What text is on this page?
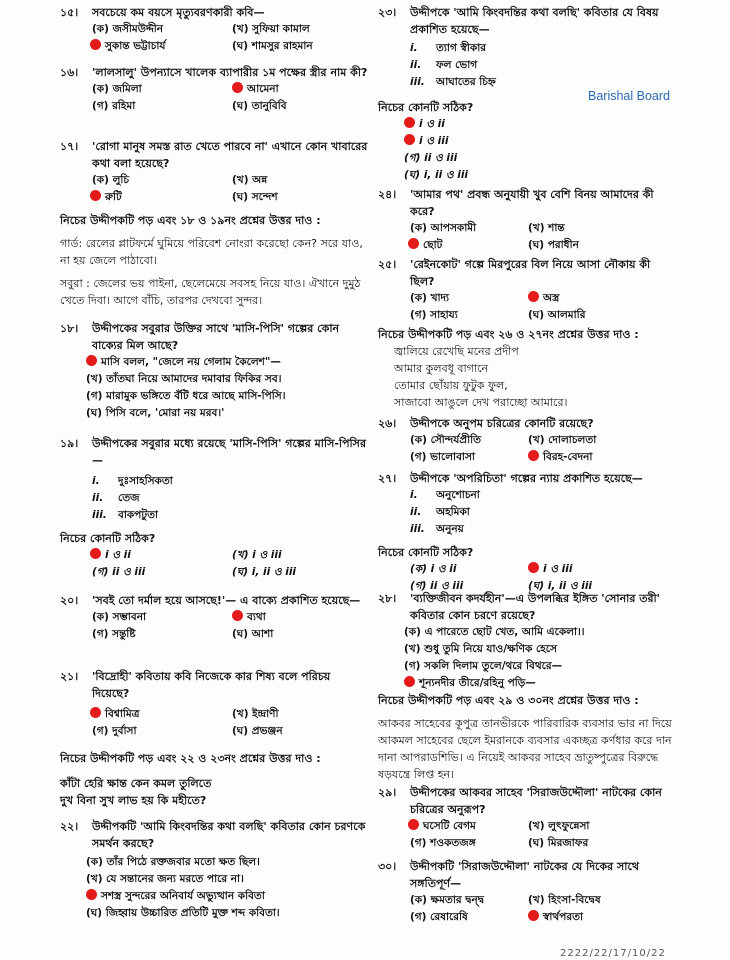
Barishal Board
১৫। সবচেয়ে কম বয়সে মৃত্যুবরণকারী কবি—
(ক) জসীমউদ্দীন	(খ) সুফিয়া কামাল
সুকান্ত ভট্টাচার্য	(ঘ) শামসুর রাহমান
১৬। 'লালসালু' উপন্যাসে খালেক ব্যাপারীর ১ম পক্ষের স্ত্রীর নাম কী?
(ক) জমিলা	আমেনা
(গ) রহিমা	(ঘ) তানুবিবি
১৭। 'রোগা মানুষ সমস্ত রাত খেতে পারবে না' এখানে কোন খাবারের কথা বলা হয়েছে?
(ক) লুচি	(খ) অন্ন
রুটি	(ঘ) সন্দেশ
নিচের উদ্দীপকটি পড় এবং ১৮ ও ১৯নং প্রশ্নের উত্তর দাও :
গার্ড: রেলের প্লাটফর্মে ঘুমিয়ে পরিবেশ নোংরা করেছো কেন? সরে যাও, না হয় জেলে পাঠাবো।
সবুরা : জেলের ভয় পাইনা, ছেলেমেয়ে সবসহ নিয়ে যাও। ঐখানে দুমুঠ খেতে দিবা। আগে বাঁচি, তারপর দেখবো সুন্দর।
১৮। উদ্দীপকের সবুরার উক্তির সাথে 'মাসি-পিসি' গল্পের কোন বাক্যের মিল আছে?
মাসি বলল, "জেলে নয় গেলাম কৈলেশ"—
(খ) তাঁতঘা নিয়ে আমাদের দমাবার ফিকির সব।
(গ) মারামুক ভঙ্গিতে বঁটি ধরে আছে মাসি-পিসি।
(ঘ) পিসি বলে, 'মোরা নয় মরব।'
১৯। উদ্দীপকের সবুরার মধ্যে রয়েছে 'মাসি-পিসি' গল্পের মাসি-পিসির—
i. দুঃসাহসিকতা
ii. তেজ
iii. বাকপটুতা
নিচের কোনটি সঠিক?
i ও ii	(খ) i ও iii
(গ) ii ও iii	(ঘ) i, ii ও iii
২০। 'সবই তো দর্মাল হয়ে আসছে!'— এ বাক্যে প্রকাশিত হয়েছে—
(ক) সম্ভাবনা	ব্যথা
(গ) সন্তুষ্টি	(ঘ) আশা
২১। 'বিদ্রোহী' কবিতায় কবি নিজেকে কার শিষ্য বলে পরিচয় দিয়েছে?
বিশ্বামিত্র	(খ) ইন্দ্রাণী
(গ) দুর্বাসা	(ঘ) প্রভঞ্জন
নিচের উদ্দীপকটি পড় এবং ২২ ও ২৩নং প্রশ্নের উত্তর দাও :
কাঁটা হেরি ক্ষান্ত কেন কমল তুলিতে
দুখ বিনা সুখ লাভ হয় কি মহীতে?
২২। উদ্দীপকটি 'আমি কিংবদন্তির কথা বলছি' কবিতার কোন চরণকে সমর্থন করছে?
(ক) তাঁর পিঠে রক্তজবার মতো ক্ষত ছিল।
(খ) যে সন্তানের জন্য মরতে পারে না।
সশস্ত্র সুন্দরের অনিবার্য অভ্যুত্থান কবিতা
(ঘ) জিহ্বায় উচ্চারিত প্রতিটি মুক্ত শব্দ কবিতা।
২৩। উদ্দীপকে 'আমি কিংবদন্তির কথা বলছি' কবিতার যে বিষয় প্রকাশিত হয়েছে—
i. ত্যাগ স্বীকার
ii. ফল ভোগ
iii. আঘাতের চিহ্ন
নিচের কোনটি সঠিক?
i ও ii
i ও iii
(গ) ii ও iii
(ঘ) i, ii ও iii
২৪। 'আমার পথ' প্রবন্ধ অনুযায়ী খুব বেশি বিনয় আমাদের কী করে?
(ক) আপসকামী	(খ) শান্ত
ছোট	(ঘ) পরাধীন
২৫। 'রেইনকোট' গল্পে মিরপুরের বিল নিয়ে আসা নৌকায় কী ছিল?
(ক) খাদ্য	অস্ত্র
(গ) সাহায্য	(ঘ) আলমারি
নিচের উদ্দীপকটি পড় এবং ২৬ ও ২৭নং প্রশ্নের উত্তর দাও :
জ্বালিয়ে রেখেছি মনের প্রদীপ
আমার কুলবধূ বাগানে
তোমার ছোঁয়ায় ফুটুক ফুল,
সাজাবো আঙুলে দেখ পরাচ্ছো আমারে।
২৬। উদ্দীপকে অনুপম চরিত্রের কোনটি রয়েছে?
(ক) সৌন্দর্যপ্রীতি	(খ) দোলাচলতা
(গ) ভালোবাসা	বিরহ-বেদনা
২৭। উদ্দীপকে 'অপরিচিতা' গল্পের ন্যায় প্রকাশিত হয়েছে—
i. অনুশোচনা
ii. অহমিকা
iii. অনুনয়
নিচের কোনটি সঠিক?
(ক) i ও ii	i ও iii
(গ) ii ও iii	(ঘ) i, ii ও iii
২৮। 'ব্যক্তিজীবন কদর্যহীন'—এ উপলব্ধির ইঙ্গিত 'সোনার তরী' কবিতার কোন চরণে রয়েছে?
(ক) এ পারেতে ছোট খেত, আমি একেলা।।
(খ) শুধু তুমি নিয়ে যাও/ক্ষণিক হেসে
(গ) সকলি দিলাম তুলে/থরে বিথরে—
শূন্যনদীর তীরে/রহিনু পড়ি—
নিচের উদ্দীপকটি পড় এবং ২৯ ও ৩০নং প্রশ্নের উত্তর দাও :
আকবর সাহেবের কূপুত্র তানভীরকে পারিবারিক ব্যবসার ভার না দিয়ে আকমল সাহেবের ছেলে ইমরানকে ব্যবসার একচ্ছত্র কর্ণধার করে দান দানা আপরাডশিভি। এ নিয়েই আকবর সাহেব ভ্রাতুষ্পুত্রের বিরুদ্ধে ষড়যন্ত্রে লিপ্ত হন।
২৯। উদ্দীপকের আকবর সাহেব 'সিরাজউদ্দৌলা' নাটকের কোন চরিত্রের অনুরূপ?
ঘসেটি বেগম	(খ) লুৎফুন্নেসা
(গ) শওকতজঙ্গ	(ঘ) মিরজাফর
৩০। উদ্দীপকটি 'সিরাজউদ্দৌলা' নাটকের যে দিকের সাথে সঙ্গতিপূর্ণ—
(ক) ক্ষমতার দ্বন্দ্ব	(খ) হিংসা-বিদ্বেষ
(গ) রেষারেষি	স্বার্থপরতা
2222/22/17/10/22
